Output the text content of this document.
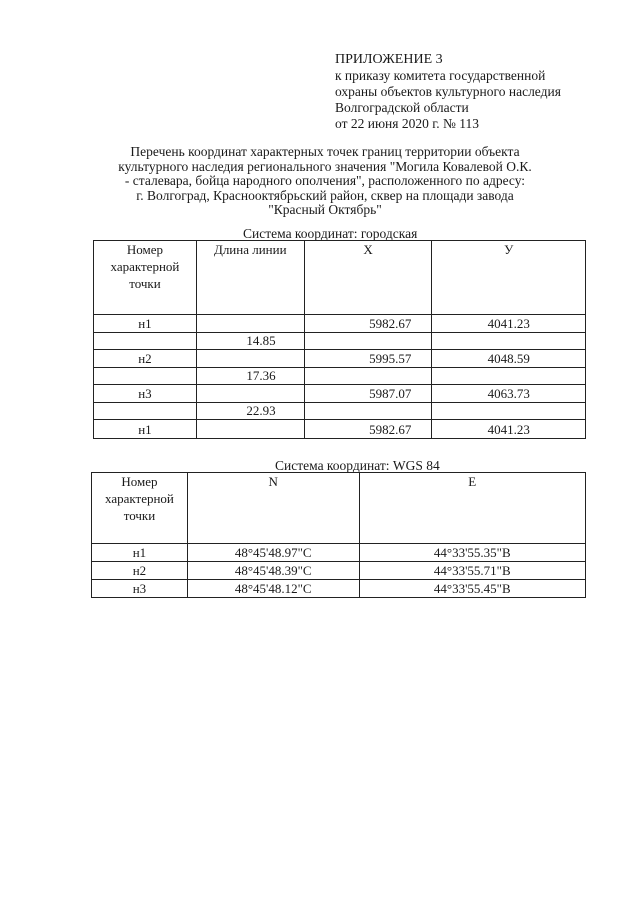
ПРИЛОЖЕНИЕ 3
к приказу комитета государственной
охраны объектов культурного наследия
Волгоградской области
от 22 июня 2020 г. № 113
Перечень координат характерных точек границ территории объекта
культурного наследия регионального значения "Могила Ковалевой О.К.
- сталевара, бойца народного ополчения", расположенного по адресу:
г. Волгоград, Краснооктябрьский район, сквер на площади завода
"Красный Октябрь"
Система координат: городская
Номер характерной точки	Длина линии	Х	У
н1		5982.67	4041.23
	14.85		
н2		5995.57	4048.59
	17.36		
н3		5987.07	4063.73
	22.93		
н1		5982.67	4041.23
Система координат: WGS 84
Номер характерной точки	N	E
н1	48°45'48.97"С	44°33'55.35"В
н2	48°45'48.39"С	44°33'55.71"В
н3	48°45'48.12"С	44°33'55.45"В
